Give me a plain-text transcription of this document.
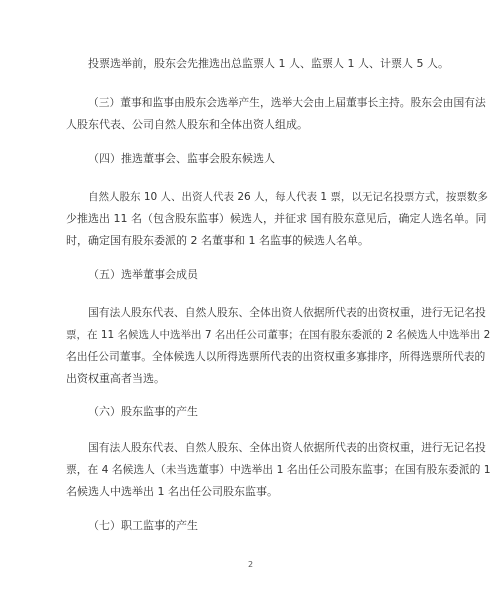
投票选举前，股东会先推选出总监票人 1 人、监票人 1 人、计票人 5 人。
（三）董事和监事由股东会选举产生，选举大会由上届董事长主持。股东会由国有法
人股东代表、公司自然人股东和全体出资人组成。
（四）推选董事会、监事会股东候选人
自然人股东 10 人、出资人代表 26 人，每人代表 1 票，以无记名投票方式，按票数多
少推选出 11 名（包含股东监事）候选人，并征求 国有股东意见后，确定人选名单。同
时，确定国有股东委派的 2 名董事和 1 名监事的候选人名单。
（五）选举董事会成员
国有法人股东代表、自然人股东、全体出资人依据所代表的出资权重，进行无记名投
票，在 11 名候选人中选举出 7 名出任公司董事；在国有股东委派的 2 名候选人中选举出 2
名出任公司董事。全体候选人以所得选票所代表的出资权重多寡排序，所得选票所代表的
出资权重高者当选。
（六）股东监事的产生
国有法人股东代表、自然人股东、全体出资人依据所代表的出资权重，进行无记名投
票，在 4 名候选人（未当选董事）中选举出 1 名出任公司股东监事；在国有股东委派的 1
名候选人中选举出 1 名出任公司股东监事。
（七）职工监事的产生
2
